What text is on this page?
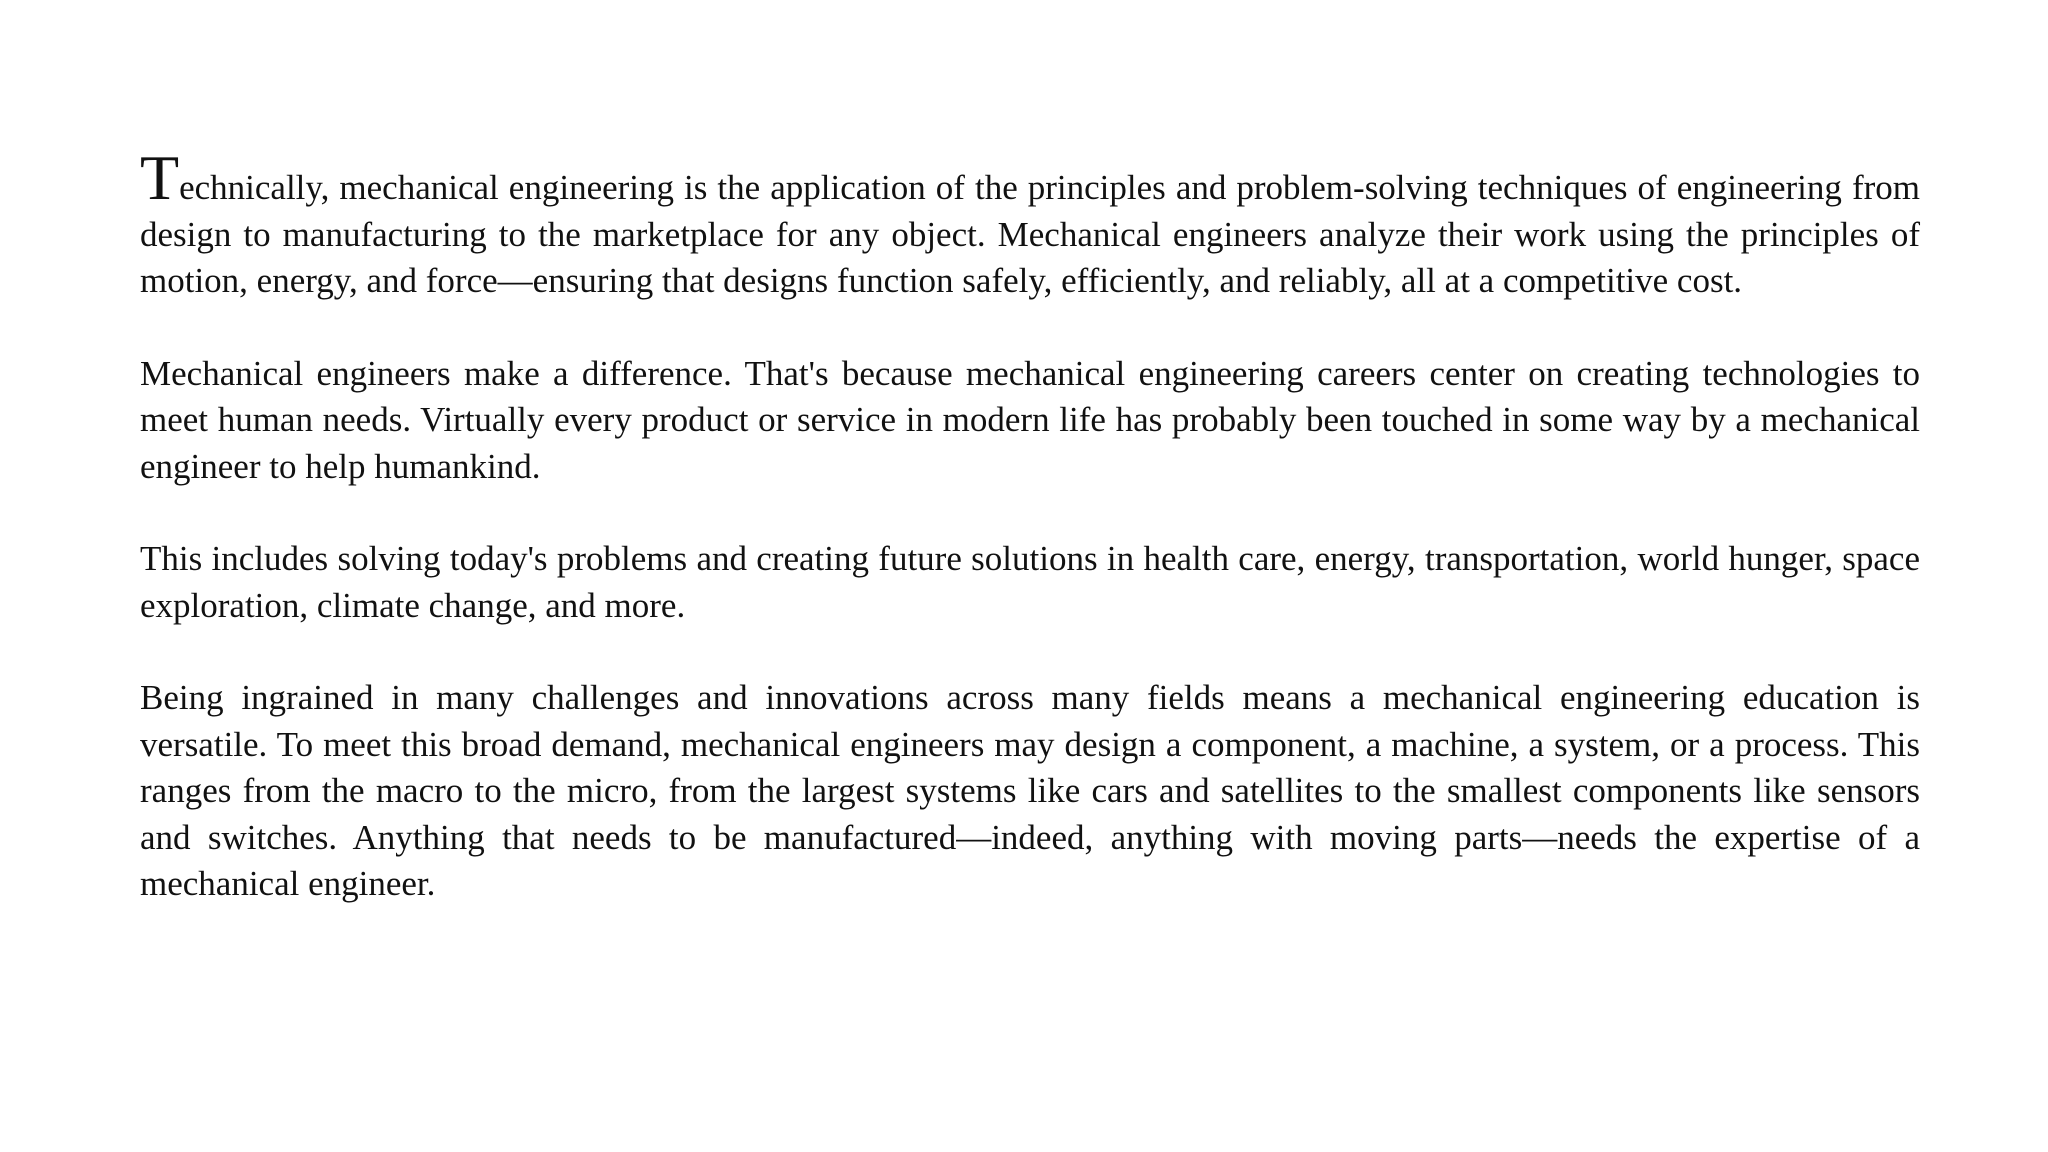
Technically, mechanical engineering is the application of the principles and problem-solving techniques of engineering from design to manufacturing to the marketplace for any object. Mechanical engineers analyze their work using the principles of motion, energy, and force—ensuring that designs function safely, efficiently, and reliably, all at a competitive cost.

Mechanical engineers make a difference. That's because mechanical engineering careers center on creating technologies to meet human needs. Virtually every product or service in modern life has probably been touched in some way by a mechanical engineer to help humankind.

This includes solving today's problems and creating future solutions in health care, energy, transportation, world hunger, space exploration, climate change, and more.

Being ingrained in many challenges and innovations across many fields means a mechanical engineering education is versatile. To meet this broad demand, mechanical engineers may design a component, a machine, a system, or a process. This ranges from the macro to the micro, from the largest systems like cars and satellites to the smallest components like sensors and switches. Anything that needs to be manufactured—indeed, anything with moving parts—needs the expertise of a mechanical engineer.
